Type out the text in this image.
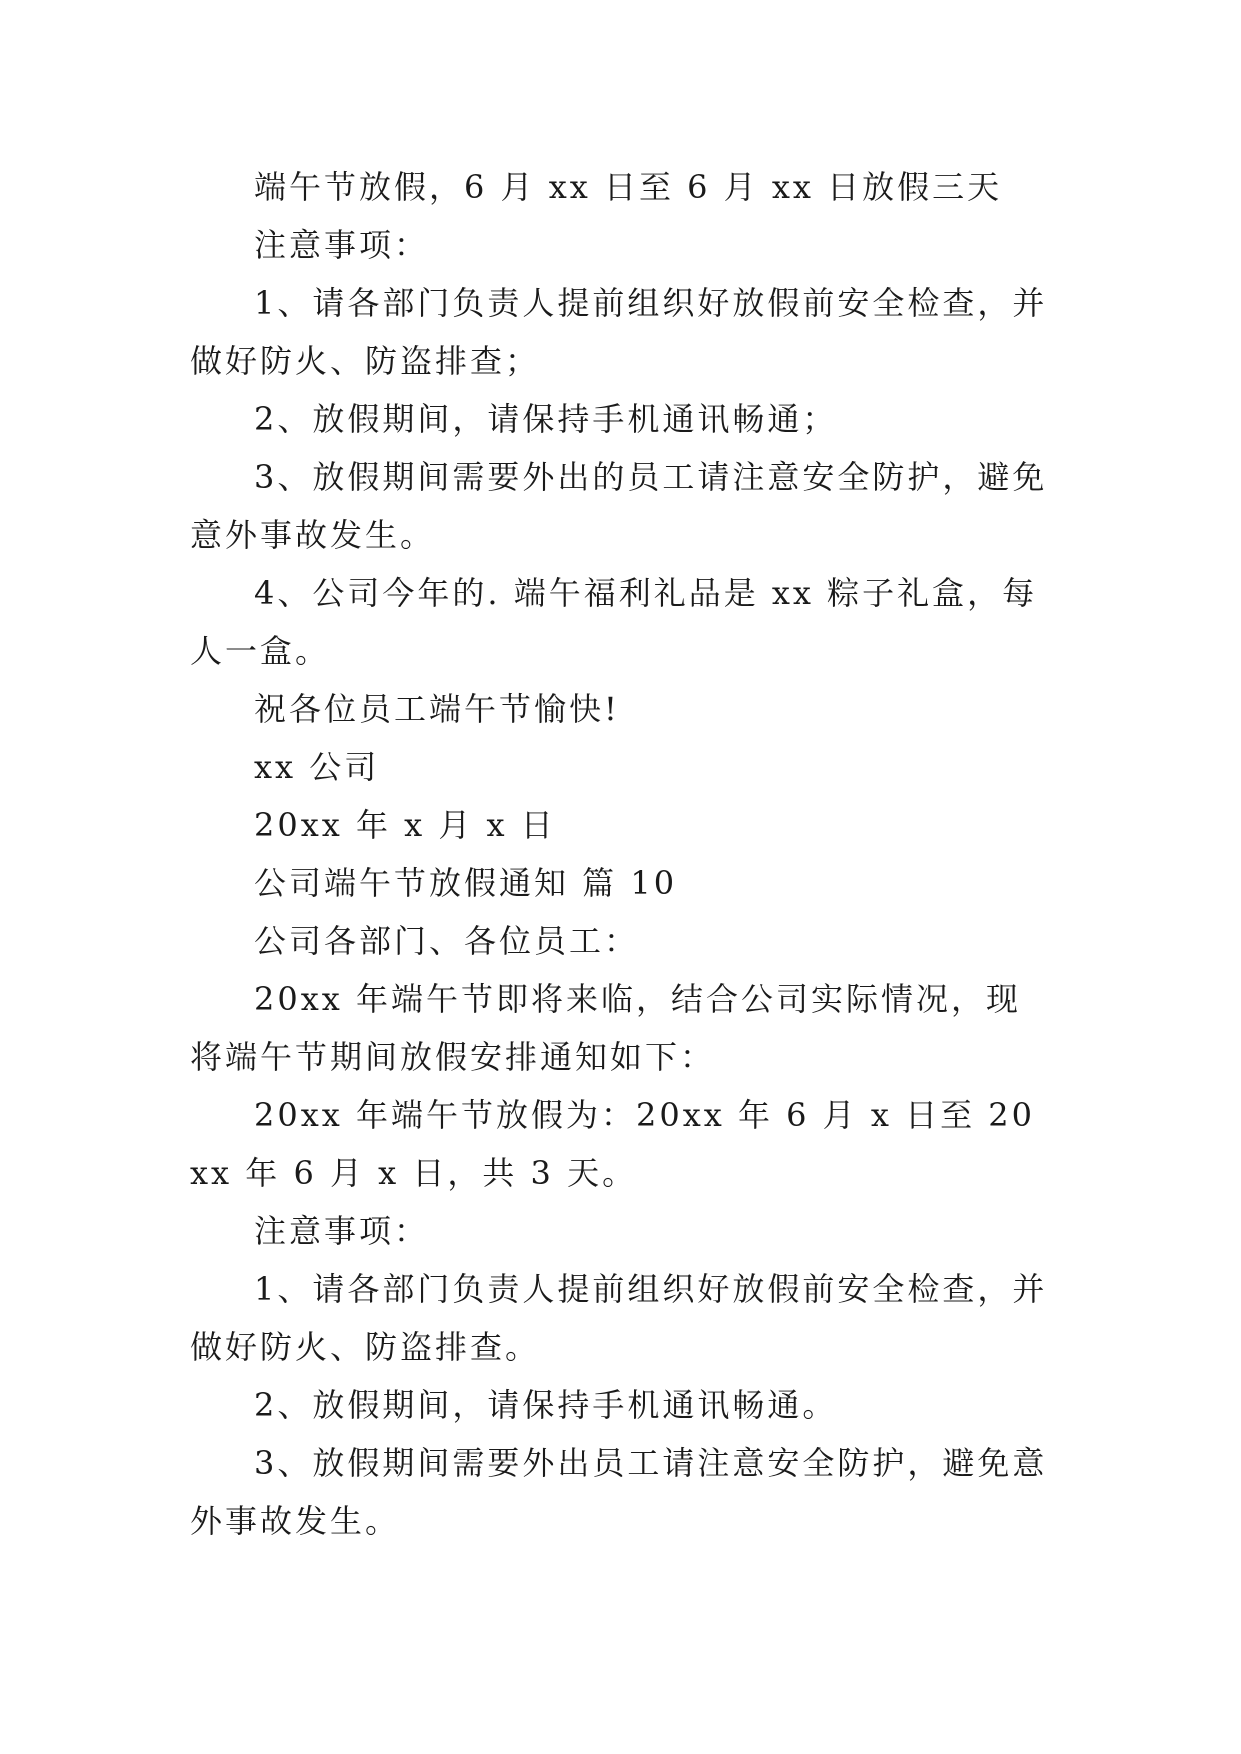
端午节放假，6 月 xx 日至 6 月 xx 日放假三天

注意事项：

1、请各部门负责人提前组织好放假前安全检查，并做好防火、防盗排查；

2、放假期间，请保持手机通讯畅通；

3、放假期间需要外出的员工请注意安全防护，避免意外事故发生。

4、公司今年的. 端午福利礼品是 xx 粽子礼盒，每人一盒。

祝各位员工端午节愉快!

xx 公司

20xx 年 x 月 x 日

公司端午节放假通知 篇 10

公司各部门、各位员工：

20xx 年端午节即将来临，结合公司实际情况，现将端午节期间放假安排通知如下：

20xx 年端午节放假为：20xx 年 6 月 x 日至 20xx 年 6 月 x 日，共 3 天。

注意事项：

1、请各部门负责人提前组织好放假前安全检查，并做好防火、防盗排查。

2、放假期间，请保持手机通讯畅通。

3、放假期间需要外出员工请注意安全防护，避免意外事故发生。
